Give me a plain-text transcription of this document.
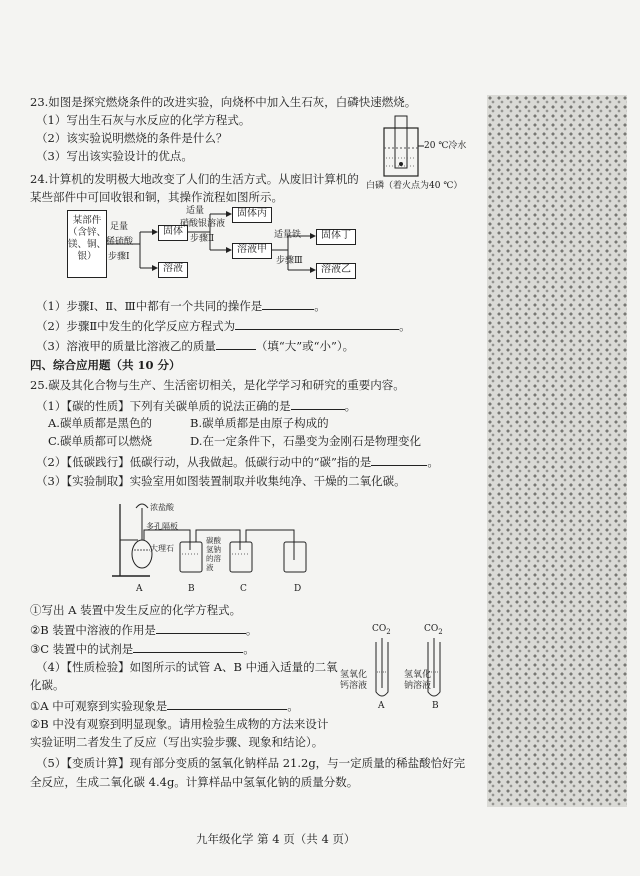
23.如图是探究燃烧条件的改进实验，向烧杯中加入生石灰，白磷快速燃烧。
（1）写出生石灰与水反应的化学方程式。
（2）该实验说明燃烧的条件是什么？
（3）写出该实验设计的优点。
20 ℃冷水
白磷（着火点为40 ℃）
24.计算机的发明极大地改变了人们的生活方式。从废旧计算机的
某些部件中可回收银和铜，其操作流程如图所示。
某部件（含锌、镁、铜、银）
足量
稀硫酸
步骤Ⅰ
固体
溶液
适量
硝酸银溶液
步骤Ⅱ
固体丙
溶液甲
适量铁
步骤Ⅲ
固体丁
溶液乙
（1）步骤Ⅰ、Ⅱ、Ⅲ中都有一个共同的操作是	。
（2）步骤Ⅱ中发生的化学反应方程式为	。
（3）溶液甲的质量比溶液乙的质量	（填“大”或“小”）。
四、综合应用题（共 10 分）
25.碳及其化合物与生产、生活密切相关，是化学学习和研究的重要内容。
（1）【碳的性质】下列有关碳单质的说法正确的是	。
A.碳单质都是黑色的	B.碳单质都是由原子构成的
C.碳单质都可以燃烧	D.在一定条件下，石墨变为金刚石是物理变化
（2）【低碳践行】低碳行动，从我做起。低碳行动中的“碳”指的是	。
（3）【实验制取】实验室用如图装置制取并收集纯净、干燥的二氧化碳。
浓盐酸
多孔隔板
大理石
碳酸氢钠的溶液
A	B	C	D
①写出 A 装置中发生反应的化学方程式。
②B 装置中溶液的作用是	。
③C 装置中的试剂是	。
（4）【性质检验】如图所示的试管 A、B 中通入适量的二氧
化碳。
$CO_2$	$CO_2$
氢氧化钙溶液
氢氧化钠溶液
A	B
①A 中可观察到实验现象是	。
②B 中没有观察到明显现象。请用检验生成物的方法来设计
实验证明二者发生了反应（写出实验步骤、现象和结论）。
（5）【变质计算】现有部分变质的氢氧化钠样品 21.2g，与一定质量的稀盐酸恰好完
全反应，生成二氧化碳 4.4g。计算样品中氢氧化钠的质量分数。
九年级化学 第 4 页（共 4 页）
